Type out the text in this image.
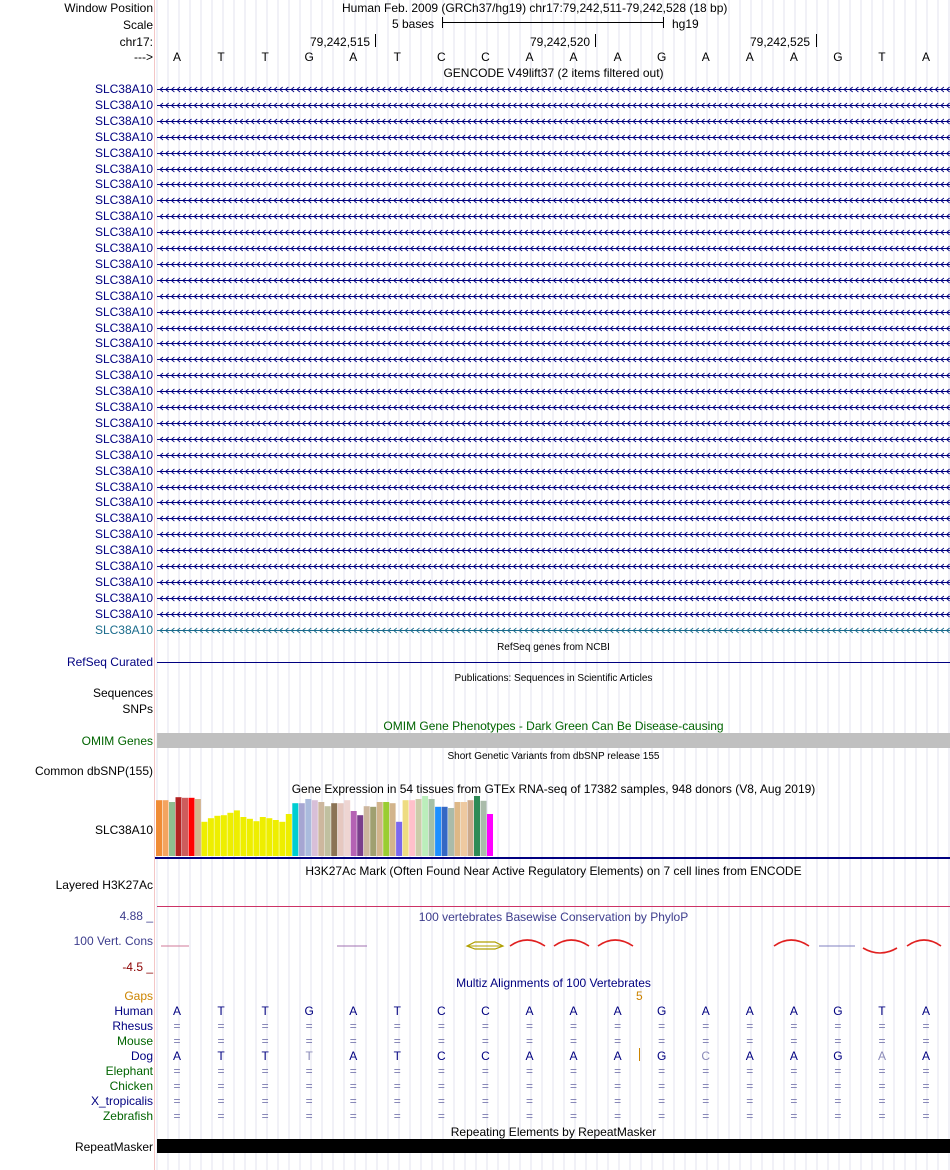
Window Position	Human Feb. 2009 (GRCh37/hg19) chr17:79,242,511-79,242,528 (18 bp)
Scale	5 bases	hg19
chr17:	79,242,515	79,242,520	79,242,525
--->	A	T	T	G	A	T	C	C	A	A	A	G	A	A	A	G	T	A
GENCODE V49lift37 (2 items filtered out)
SLC38A10
SLC38A10
SLC38A10
SLC38A10
SLC38A10
SLC38A10
SLC38A10
SLC38A10
SLC38A10
SLC38A10
SLC38A10
SLC38A10
SLC38A10
SLC38A10
SLC38A10
SLC38A10
SLC38A10
SLC38A10
SLC38A10
SLC38A10
SLC38A10
SLC38A10
SLC38A10
SLC38A10
SLC38A10
SLC38A10
SLC38A10
SLC38A10
SLC38A10
SLC38A10
SLC38A10
SLC38A10
SLC38A10
SLC38A10
SLC38A10
RefSeq genes from NCBI
RefSeq Curated
Publications: Sequences in Scientific Articles
Sequences
SNPs
OMIM Gene Phenotypes - Dark Green Can Be Disease-causing
OMIM Genes
Short Genetic Variants from dbSNP release 155
Common dbSNP(155)
Gene Expression in 54 tissues from GTEx RNA-seq of 17382 samples, 948 donors (V8, Aug 2019)
SLC38A10
H3K27Ac Mark (Often Found Near Active Regulatory Elements) on 7 cell lines from ENCODE
Layered H3K27Ac
100 vertebrates Basewise Conservation by PhyloP
4.88 _
100 Vert. Cons
-4.5 _
Multiz Alignments of 100 Vertebrates
Gaps	5
Human	A	T	T	G	A	T	C	C	A	A	A	G	A	A	A	G	T	A
Rhesus	=	=	=	=	=	=	=	=	=	=	=	=	=	=	=	=	=	=
Mouse	=	=	=	=	=	=	=	=	=	=	=	=	=	=	=	=	=	=
Dog	A	T	T	T	A	T	C	C	A	A	A	G	C	A	A	G	A	A
Elephant	=	=	=	=	=	=	=	=	=	=	=	=	=	=	=	=	=	=
Chicken	=	=	=	=	=	=	=	=	=	=	=	=	=	=	=	=	=	=
X_tropicalis	=	=	=	=	=	=	=	=	=	=	=	=	=	=	=	=	=	=
Zebrafish	=	=	=	=	=	=	=	=	=	=	=	=	=	=	=	=	=	=
Repeating Elements by RepeatMasker
RepeatMasker
